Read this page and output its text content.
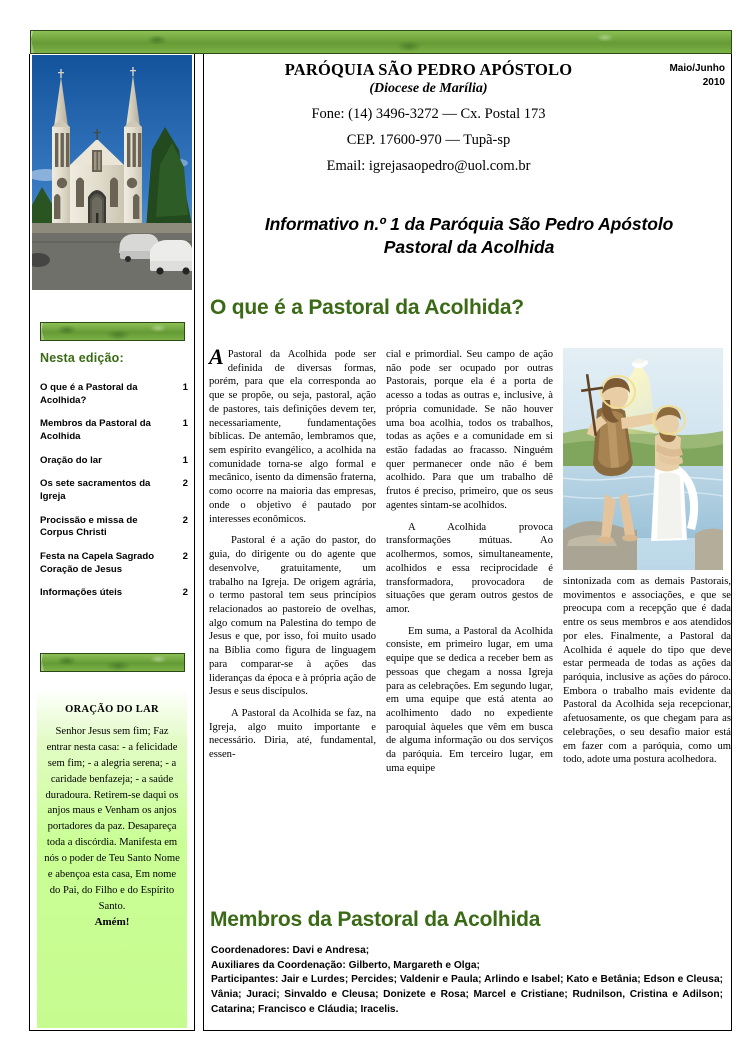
Maio/Junho
2010
PARÓQUIA SÃO PEDRO APÓSTOLO
(Diocese de Marília)
Fone: (14) 3496-3272 — Cx. Postal 173
CEP. 17600-970 — Tupã-sp
Email: igrejasaopedro@uol.com.br
Informativo n.º 1 da Paróquia São Pedro Apóstolo
Pastoral da Acolhida
Nesta edição:
O que é a Pastoral da Acolhida?
1
Membros da Pastoral da Acolhida
1
Oração do lar	1
Os sete sacramentos da Igreja
2
Procissão e missa de Corpus Christi
2
Festa na Capela Sagrado Coração de Jesus
2
Informações úteis	2
ORAÇÃO DO LAR
Senhor Jesus sem fim; Faz entrar nesta casa: - a felicidade sem fim; - a alegria serena; - a caridade benfazeja; - a saúde duradoura. Retirem-se daqui os anjos maus e Venham os anjos portadores da paz. Desapareça toda a discórdia. Manifesta em nós o poder de Teu Santo Nome e abençoa esta casa, Em nome do Pai, do Filho e do Espírito Santo.
Amém!
O que é a Pastoral da Acolhida?

A Pastoral da Acolhida pode ser definida de diversas formas, porém, para que ela corresponda ao que se propõe, ou seja, pastoral, ação de pastores, tais definições devem ter, necessariamente, fundamentações bíblicas. De antemão, lembramos que, sem espírito evangélico, a acolhida na comunidade torna-se algo formal e mecânico, isento da dimensão fraterna, como ocorre na maioria das empresas, onde o objetivo é pautado por interesses econômicos.

Pastoral é a ação do pastor, do guia, do dirigente ou do agente que desenvolve, gratuitamente, um trabalho na Igreja. De origem agrária, o termo pastoral tem seus princípios relacionados ao pastoreio de ovelhas, algo comum na Palestina do tempo de Jesus e que, por isso, foi muito usado na Bíblia como figura de linguagem para comparar-se à ações das lideranças da época e à própria ação de Jesus e seus discípulos.

A Pastoral da Acolhida se faz, na Igreja, algo muito importante e necessário. Diria, até, fundamental, essen-

cial e primordial. Seu campo de ação não pode ser ocupado por outras Pastorais, porque ela é a porta de acesso a todas as outras e, inclusive, à própria comunidade. Se não houver uma boa acolhia, todos os trabalhos, todas as ações e a comunidade em si estão fadadas ao fracasso. Ninguém quer permanecer onde não é bem acolhido. Para que um trabalho dê frutos é preciso, primeiro, que os seus agentes sintam-se acolhidos.

A Acolhida provoca transformações mútuas. Ao acolhermos, somos, simultaneamente, acolhidos e essa reciprocidade é transformadora, provocadora de situações que geram outros gestos de amor.

Em suma, a Pastoral da Acolhida consiste, em primeiro lugar, em uma equipe que se dedica a receber bem as pessoas que chegam a nossa Igreja para as celebrações. Em segundo lugar, em uma equipe que está atenta ao acolhimento dado no expediente paroquial àqueles que vêm em busca de alguma informação ou dos serviços da paróquia. Em terceiro lugar, em uma equipe

sintonizada com as demais Pastorais, movimentos e associações, e que se preocupa com a recepção que é dada entre os seus membros e aos atendidos por eles. Finalmente, a Pastoral da Acolhida é aquele do tipo que deve estar permeada de todas as ações da paróquia, inclusive as ações do pároco. Embora o trabalho mais evidente da Pastoral da Acolhida seja recepcionar, afetuosamente, os que chegam para as celebrações, o seu desafio maior está em fazer com a paróquia, como um todo, adote uma postura acolhedora.

Membros da Pastoral da Acolhida

Coordenadores: Davi e Andresa;

Auxiliares da Coordenação: Gilberto, Margareth e Olga;

Participantes: Jair e Lurdes; Percides; Valdenir e Paula; Arlindo e Isabel; Kato e Betânia; Edson e Cleusa; Vânia; Juraci; Sinvaldo e Cleusa; Donizete e Rosa; Marcel e Cristiane; Rudnilson, Cristina e Adilson; Catarina; Francisco e Cláudia; Iracelis.
